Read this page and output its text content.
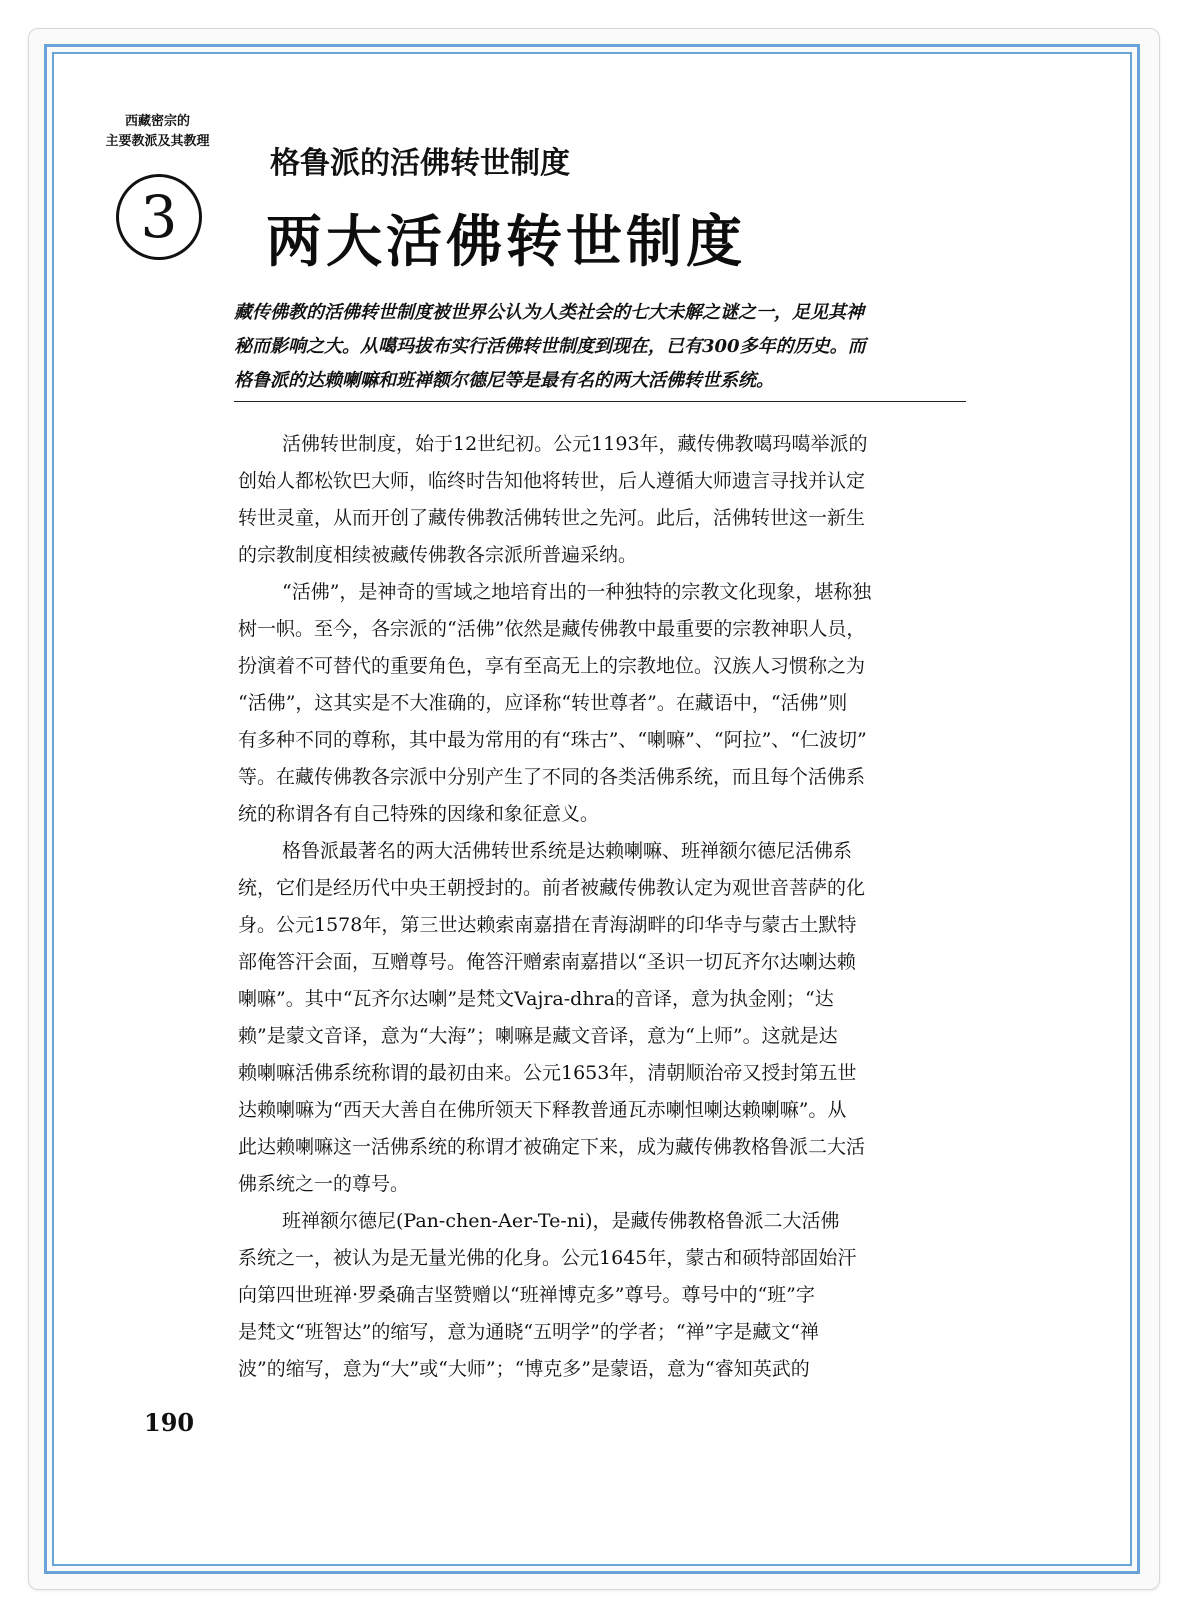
西藏密宗的
主要教派及其教理
3
格鲁派的活佛转世制度
两大活佛转世制度
藏传佛教的活佛转世制度被世界公认为人类社会的七大未解之谜之一，足见其神
秘而影响之大。从噶玛拔布实行活佛转世制度到现在，已有300多年的历史。而
格鲁派的达赖喇嘛和班禅额尔德尼等是最有名的两大活佛转世系统。
活佛转世制度，始于12世纪初。公元1193年，藏传佛教噶玛噶举派的
创始人都松钦巴大师，临终时告知他将转世，后人遵循大师遗言寻找并认定
转世灵童，从而开创了藏传佛教活佛转世之先河。此后，活佛转世这一新生
的宗教制度相续被藏传佛教各宗派所普遍采纳。
“活佛”，是神奇的雪域之地培育出的一种独特的宗教文化现象，堪称独
树一帜。至今，各宗派的“活佛”依然是藏传佛教中最重要的宗教神职人员，
扮演着不可替代的重要角色，享有至高无上的宗教地位。汉族人习惯称之为
“活佛”，这其实是不大准确的，应译称“转世尊者”。在藏语中，“活佛”则
有多种不同的尊称，其中最为常用的有“珠古”、“喇嘛”、“阿拉”、“仁波切”
等。在藏传佛教各宗派中分别产生了不同的各类活佛系统，而且每个活佛系
统的称谓各有自己特殊的因缘和象征意义。
格鲁派最著名的两大活佛转世系统是达赖喇嘛、班禅额尔德尼活佛系
统，它们是经历代中央王朝授封的。前者被藏传佛教认定为观世音菩萨的化
身。公元1578年，第三世达赖索南嘉措在青海湖畔的印华寺与蒙古土默特
部俺答汗会面，互赠尊号。俺答汗赠索南嘉措以“圣识一切瓦齐尔达喇达赖
喇嘛”。其中“瓦齐尔达喇”是梵文Vajra-dhra的音译，意为执金刚；“达
赖”是蒙文音译，意为“大海”；喇嘛是藏文音译，意为“上师”。这就是达
赖喇嘛活佛系统称谓的最初由来。公元1653年，清朝顺治帝又授封第五世
达赖喇嘛为“西天大善自在佛所领天下释教普通瓦赤喇怛喇达赖喇嘛”。从
此达赖喇嘛这一活佛系统的称谓才被确定下来，成为藏传佛教格鲁派二大活
佛系统之一的尊号。
班禅额尔德尼(Pan-chen-Aer-Te-ni)，是藏传佛教格鲁派二大活佛
系统之一，被认为是无量光佛的化身。公元1645年，蒙古和硕特部固始汗
向第四世班禅·罗桑确吉坚赞赠以“班禅博克多”尊号。尊号中的“班”字
是梵文“班智达”的缩写，意为通晓“五明学”的学者；“禅”字是藏文“禅
波”的缩写，意为“大”或“大师”；“博克多”是蒙语，意为“睿知英武的
190
